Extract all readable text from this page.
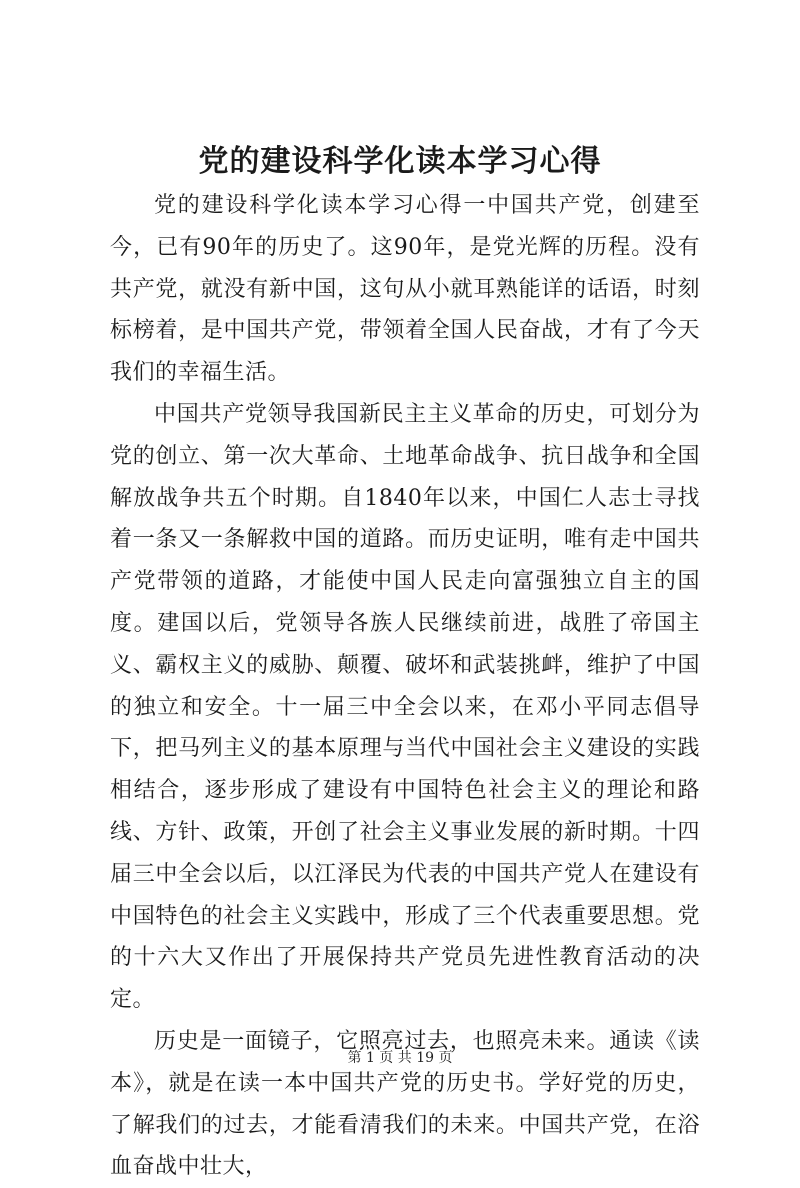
党的建设科学化读本学习心得

党的建设科学化读本学习心得一中国共产党，创建至今，已有90年的历史了。这90年，是党光辉的历程。没有共产党，就没有新中国，这句从小就耳熟能详的话语，时刻标榜着，是中国共产党，带领着全国人民奋战，才有了今天我们的幸福生活。

中国共产党领导我国新民主主义革命的历史，可划分为党的创立、第一次大革命、土地革命战争、抗日战争和全国解放战争共五个时期。自1840年以来，中国仁人志士寻找着一条又一条解救中国的道路。而历史证明，唯有走中国共产党带领的道路，才能使中国人民走向富强独立自主的国度。建国以后，党领导各族人民继续前进，战胜了帝国主义、霸权主义的威胁、颠覆、破坏和武装挑衅，维护了中国的独立和安全。十一届三中全会以来，在邓小平同志倡导下，把马列主义的基本原理与当代中国社会主义建设的实践相结合，逐步形成了建设有中国特色社会主义的理论和路线、方针、政策，开创了社会主义事业发展的新时期。十四届三中全会以后，以江泽民为代表的中国共产党人在建设有中国特色的社会主义实践中，形成了三个代表重要思想。党的十六大又作出了开展保持共产党员先进性教育活动的决定。

历史是一面镜子，它照亮过去，也照亮未来。通读《读本》，就是在读一本中国共产党的历史书。学好党的历史，了解我们的过去，才能看清我们的未来。中国共产党，在浴血奋战中壮大，

第 1 页 共 19 页
